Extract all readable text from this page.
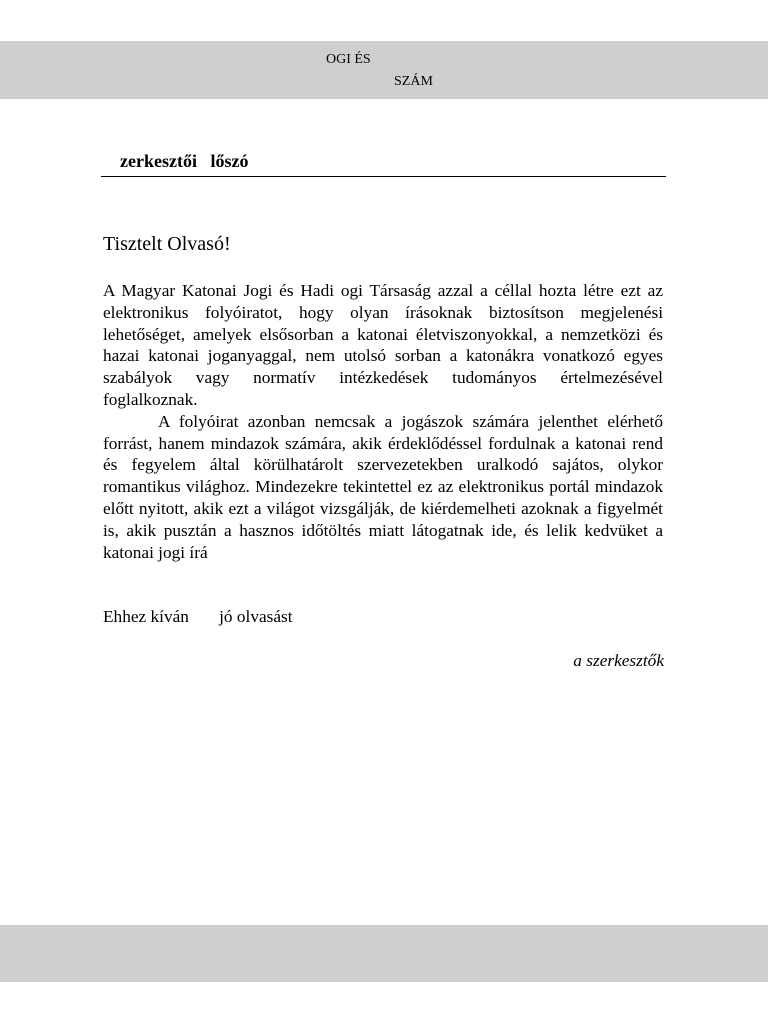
OGI ÉS
SZÁM
zerkesztői   lőszó
Tisztelt Olvasó!

A Magyar Katonai Jogi és Hadi ogi Társaság azzal a céllal hozta létre ezt az elektronikus folyóiratot, hogy olyan írásoknak biztosítson megjelenési lehetőséget, amelyek elsősorban a katonai életviszonyokkal, a nemzetközi és hazai katonai joganyaggal, nem utolsó sorban a katonákra vonatkozó egyes szabályok vagy normatív intézkedések tudományos értelmezésével foglalkoznak.

A folyóirat azonban nemcsak a jogászok számára jelenthet elérhető forrást, hanem mindazok számára, akik érdeklődéssel fordulnak a katonai rend és fegyelem által körülhatárolt szervezetekben uralkodó sajátos, olykor romantikus világhoz. Mindezekre tekintettel ez az elektronikus portál mindazok előtt nyitott, akik ezt a világot vizsgálják, de kiérdemelheti azoknak a figyelmét is, akik pusztán a hasznos időtöltés miatt látogatnak ide, és lelik kedvüket a katonai jogi írá

Ehhez kíván       jó olvasást
a szerkesztők
